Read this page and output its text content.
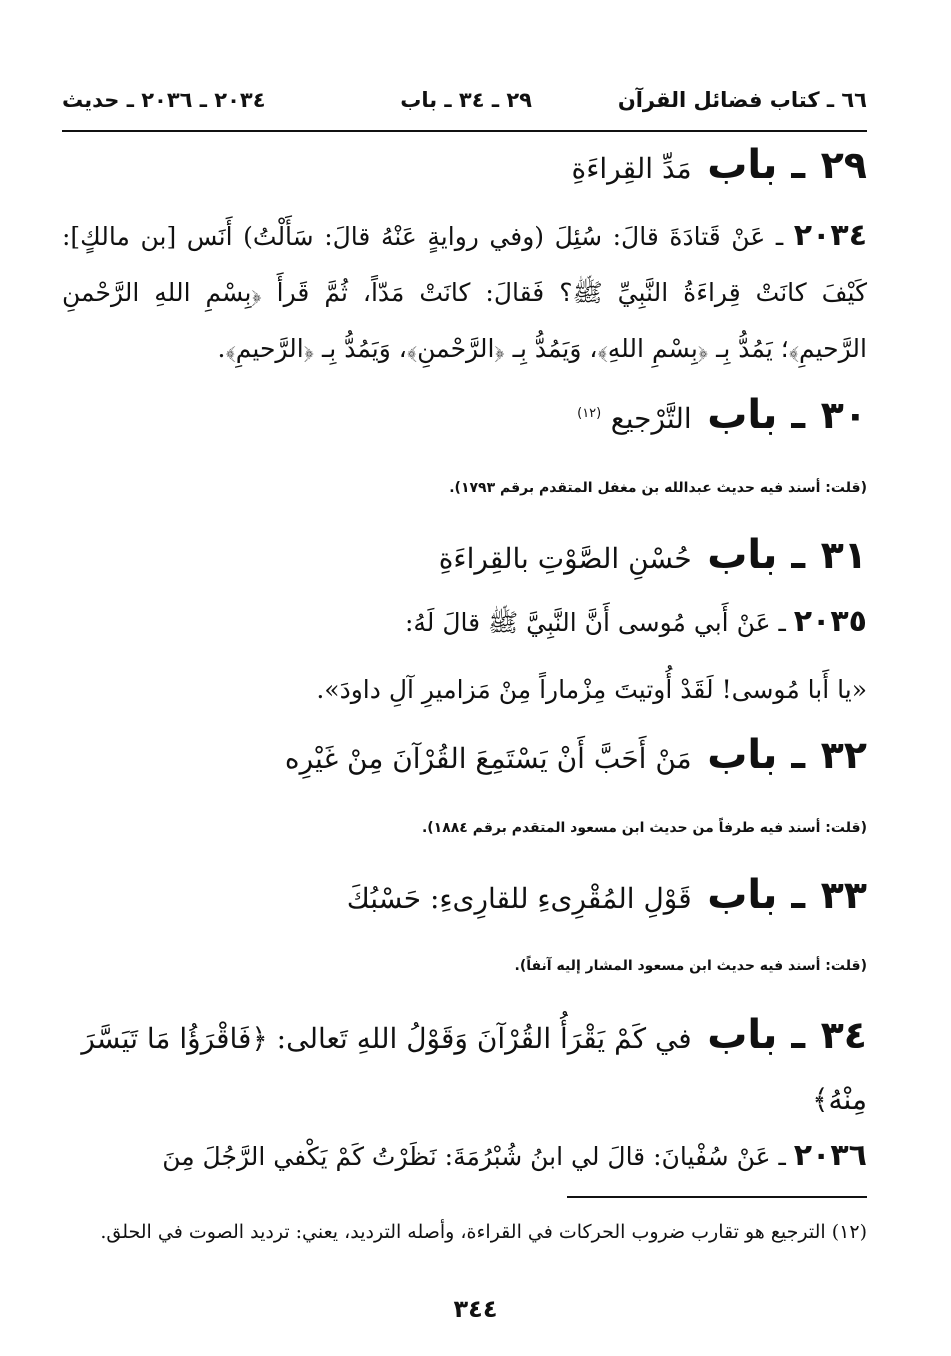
٦٦ ـ كتاب فضائل القرآن
٢٩ ـ ٣٤ ـ باب
٢٠٣٤ ـ ٢٠٣٦ ـ حديث
٢٩ ـ باب مَدِّ القِراءَةِ
٢٠٣٤ ـ عَنْ قَتادَةَ قالَ: سُئِلَ (وفي روايةٍ عَنْهُ قالَ: سَأَلْتُ) أَنَس [بن مالكٍ]: كَيْفَ كانَتْ قِراءَةُ النَّبِيِّ ﷺ؟ فَقالَ: كانَتْ مَدّاً، ثُمَّ قَرأَ ﴿بِسْمِ اللهِ الرَّحْمنِ الرَّحيمِ﴾؛ يَمُدُّ بِـ ﴿بِسْمِ اللهِ﴾، وَيَمُدُّ بِـ ﴿الرَّحْمنِ﴾، وَيَمُدُّ بِـ ﴿الرَّحيمِ﴾.
٣٠ ـ باب التَّرْجيع $^{(١٢)}$
(قلت: أسند فيه حديث عبدالله بن مغفل المتقدم برقم ١٧٩٣).
٣١ ـ باب حُسْنِ الصَّوْتِ بالقِراءَةِ
٢٠٣٥ ـ عَنْ أَبي مُوسى أَنَّ النَّبِيَّ ﷺ قالَ لَهُ:
«يا أَبا مُوسى! لَقَدْ أُوتيتَ مِزْماراً مِنْ مَزاميرِ آلِ داودَ».
٣٢ ـ باب مَنْ أَحَبَّ أَنْ يَسْتَمِعَ القُرْآنَ مِنْ غَيْرِه
(قلت: أسند فيه طرفاً من حديث ابن مسعود المتقدم برقم ١٨٨٤).
٣٣ ـ باب قَوْلِ المُقْرِىءِ للقارِىءِ: حَسْبُكَ
(قلت: أسند فيه حديث ابن مسعود المشار إليه آنفاً).
٣٤ ـ باب في كَمْ يَقْرَأُ القُرْآنَ وَقَوْلُ اللهِ تَعالى: ﴿فَاقْرَؤُا مَا تَيَسَّرَ
مِنْهُ﴾
٢٠٣٦ ـ عَنْ سُفْيانَ: قالَ لي ابنُ شُبْرُمَةَ: نَظَرْتُ كَمْ يَكْفي الرَّجُلَ مِنَ
(١٢) الترجيع هو تقارب ضروب الحركات في القراءة، وأصله الترديد، يعني: ترديد الصوت في الحلق.
٣٤٤
